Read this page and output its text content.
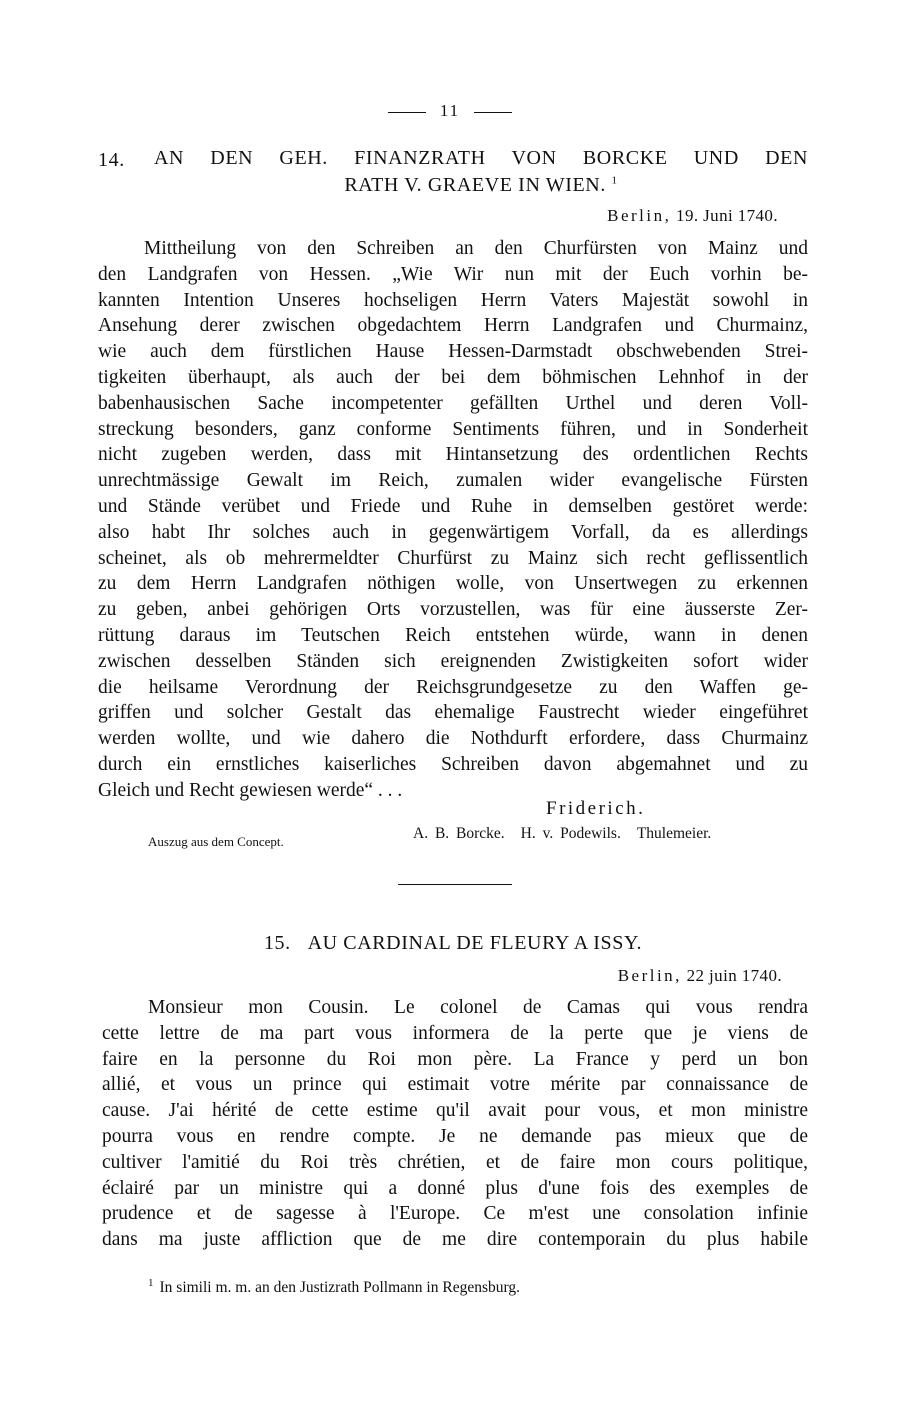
11
14.	AN DEN GEH. FINANZRATH VON BORCKE UND DEN
RATH V. GRAEVE IN WIEN. $^1$
Berlin, 19. Juni 1740.
Mittheilung von den Schreiben an den Churfürsten von Mainz und
den Landgrafen von Hessen. „Wie Wir nun mit der Euch vorhin be-
kannten Intention Unseres hochseligen Herrn Vaters Majestät sowohl in
Ansehung derer zwischen obgedachtem Herrn Landgrafen und Churmainz,
wie auch dem fürstlichen Hause Hessen-Darmstadt obschwebenden Strei-
tigkeiten überhaupt, als auch der bei dem böhmischen Lehnhof in der
babenhausischen Sache incompetenter gefällten Urthel und deren Voll-
streckung besonders, ganz conforme Sentiments führen, und in Sonderheit
nicht zugeben werden, dass mit Hintansetzung des ordentlichen Rechts
unrechtmässige Gewalt im Reich, zumalen wider evangelische Fürsten
und Stände verübet und Friede und Ruhe in demselben gestöret werde:
also habt Ihr solches auch in gegenwärtigem Vorfall, da es allerdings
scheinet, als ob mehrermeldter Churfürst zu Mainz sich recht geflissentlich
zu dem Herrn Landgrafen nöthigen wolle, von Unsertwegen zu erkennen
zu geben, anbei gehörigen Orts vorzustellen, was für eine äusserste Zer-
rüttung daraus im Teutschen Reich entstehen würde, wann in denen
zwischen desselben Ständen sich ereignenden Zwistigkeiten sofort wider
die heilsame Verordnung der Reichsgrundgesetze zu den Waffen ge-
griffen und solcher Gestalt das ehemalige Faustrecht wieder eingeführet
werden wollte, und wie dahero die Nothdurft erfordere, dass Churmainz
durch ein ernstliches kaiserliches Schreiben davon abgemahnet und zu
Gleich und Recht gewiesen werde“ . . .
Friderich.
Auszug aus dem Concept.	A. B. Borcke. H. v. Podewils. Thulemeier.
15. AU CARDINAL DE FLEURY A ISSY.
Berlin, 22 juin 1740.
Monsieur mon Cousin. Le colonel de Camas qui vous rendra
cette lettre de ma part vous informera de la perte que je viens de
faire en la personne du Roi mon père. La France y perd un bon
allié, et vous un prince qui estimait votre mérite par connaissance de
cause. J'ai hérité de cette estime qu'il avait pour vous, et mon ministre
pourra vous en rendre compte. Je ne demande pas mieux que de
cultiver l'amitié du Roi très chrétien, et de faire mon cours politique,
éclairé par un ministre qui a donné plus d'une fois des exemples de
prudence et de sagesse à l'Europe. Ce m'est une consolation infinie
dans ma juste affliction que de me dire contemporain du plus habile
$^1$ In simili m. m. an den Justizrath Pollmann in Regensburg.
